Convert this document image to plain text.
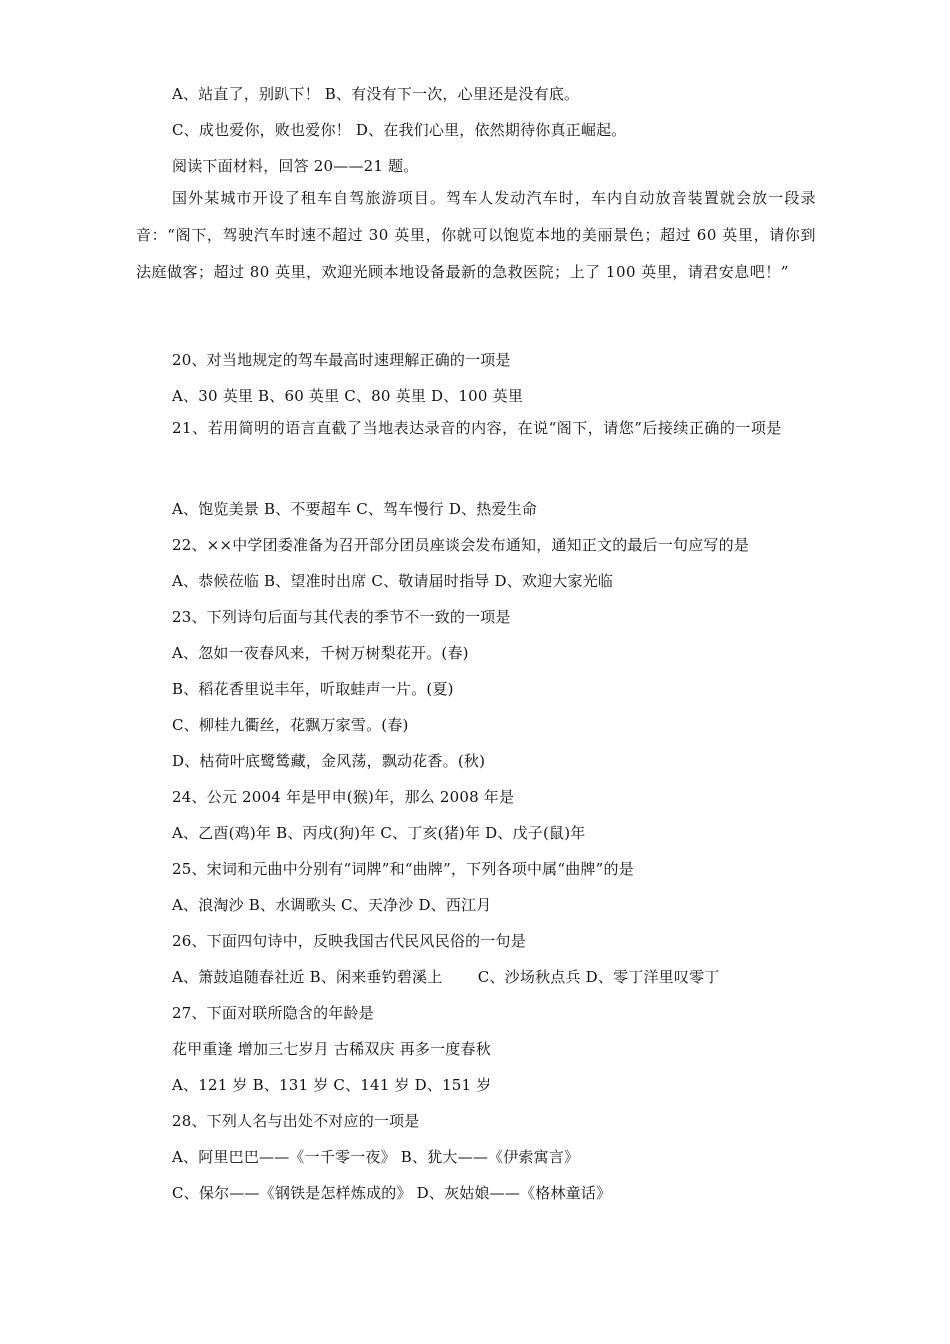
A、站直了，别趴下！ B、有没有下一次，心里还是没有底。
C、成也爱你，败也爱你！ D、在我们心里，依然期待你真正崛起。
阅读下面材料，回答 20——21 题。
国外某城市开设了租车自驾旅游项目。驾车人发动汽车时，车内自动放音装置就会放一段录音：“阁下，驾驶汽车时速不超过 30 英里，你就可以饱览本地的美丽景色；超过 60 英里，请你到法庭做客；超过 80 英里，欢迎光顾本地设备最新的急救医院；上了 100 英里，请君安息吧！”
20、对当地规定的驾车最高时速理解正确的一项是
A、30 英里 B、60 英里 C、80 英里 D、100 英里
21、若用简明的语言直截了当地表达录音的内容，在说“阁下，请您”后接续正确的一项是
A、饱览美景 B、不要超车 C、驾车慢行 D、热爱生命
22、××中学团委准备为召开部分团员座谈会发布通知，通知正文的最后一句应写的是
A、恭候莅临 B、望准时出席 C、敬请届时指导 D、欢迎大家光临
23、下列诗句后面与其代表的季节不一致的一项是
A、忽如一夜春风来，千树万树梨花开。(春)
B、稻花香里说丰年，听取蛙声一片。(夏)
C、柳桂九衢丝，花飘万家雪。(春)
D、枯荷叶底鹭鸶藏，金风荡，飘动花香。(秋)
24、公元 2004 年是甲申(猴)年，那么 2008 年是
A、乙酉(鸡)年 B、丙戌(狗)年 C、丁亥(猪)年 D、戊子(鼠)年
25、宋词和元曲中分别有“词牌”和“曲牌”，下列各项中属“曲牌”的是
A、浪淘沙 B、水调歌头 C、天净沙 D、西江月
26、下面四句诗中，反映我国古代民风民俗的一句是
A、箫鼓追随春社近 B、闲来垂钓碧溪上　　 C、沙场秋点兵 D、零丁洋里叹零丁
27、下面对联所隐含的年龄是
花甲重逢 增加三七岁月 古稀双庆 再多一度春秋
A、121 岁 B、131 岁 C、141 岁 D、151 岁
28、下列人名与出处不对应的一项是
A、阿里巴巴——《一千零一夜》 B、犹大——《伊索寓言》
C、保尔——《钢铁是怎样炼成的》 D、灰姑娘——《格林童话》
